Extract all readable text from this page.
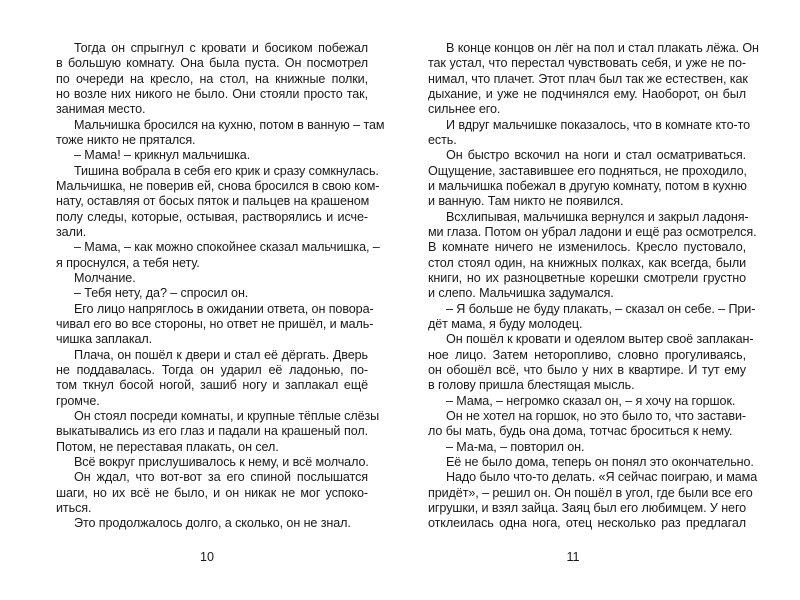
Тогда он спрыгнул с кровати и босиком побежал
в большую комнату. Она была пуста. Он посмотрел
по очереди на кресло, на стол, на книжные полки,
но возле них никого не было. Они стояли просто так,
занимая место.
Мальчишка бросился на кухню, потом в ванную – там
тоже никто не прятался.
– Мама! – крикнул мальчишка.
Тишина вобрала в себя его крик и сразу сомкнулась.
Мальчишка, не поверив ей, снова бросился в свою ком-
нату, оставляя от босых пяток и пальцев на крашеном
полу следы, которые, остывая, растворялись и исче-
зали.
– Мама, – как можно спокойнее сказал мальчишка, –
я проснулся, а тебя нету.
Молчание.
– Тебя нету, да? – спросил он.
Его лицо напряглось в ожидании ответа, он повора-
чивал его во все стороны, но ответ не пришёл, и маль-
чишка заплакал.
Плача, он пошёл к двери и стал её дёргать. Дверь
не поддавалась. Тогда он ударил её ладонью, по-
том ткнул босой ногой, зашиб ногу и заплакал ещё
громче.
Он стоял посреди комнаты, и крупные тёплые слёзы
выкатывались из его глаз и падали на крашеный пол.
Потом, не переставая плакать, он сел.
Всё вокруг прислушивалось к нему, и всё молчало.
Он ждал, что вот-вот за его спиной послышатся
шаги, но их всё не было, и он никак не мог успоко-
иться.
Это продолжалось долго, а сколько, он не знал.
В конце концов он лёг на пол и стал плакать лёжа. Он
так устал, что перестал чувствовать себя, и уже не по-
нимал, что плачет. Этот плач был так же естествен, как
дыхание, и уже не подчинялся ему. Наоборот, он был
сильнее его.
И вдруг мальчишке показалось, что в комнате кто-то
есть.
Он быстро вскочил на ноги и стал осматриваться.
Ощущение, заставившее его подняться, не проходило,
и мальчишка побежал в другую комнату, потом в кухню
и ванную. Там никто не появился.
Всхлипывая, мальчишка вернулся и закрыл ладоня-
ми глаза. Потом он убрал ладони и ещё раз осмотрелся.
В комнате ничего не изменилось. Кресло пустовало,
стол стоял один, на книжных полках, как всегда, были
книги, но их разноцветные корешки смотрели грустно
и слепо. Мальчишка задумался.
– Я больше не буду плакать, – сказал он себе. – При-
дёт мама, я буду молодец.
Он пошёл к кровати и одеялом вытер своё заплакан-
ное лицо. Затем неторопливо, словно прогуливаясь,
он обошёл всё, что было у них в квартире. И тут ему
в голову пришла блестящая мысль.
– Мама, – негромко сказал он, – я хочу на горшок.
Он не хотел на горшок, но это было то, что застави-
ло бы мать, будь она дома, тотчас броситься к нему.
– Ма-ма, – повторил он.
Её не было дома, теперь он понял это окончательно.
Надо было что-то делать. «Я сейчас поиграю, и мама
придёт», – решил он. Он пошёл в угол, где были все его
игрушки, и взял зайца. Заяц был его любимцем. У него
отклеилась одна нога, отец несколько раз предлагал
10	11
